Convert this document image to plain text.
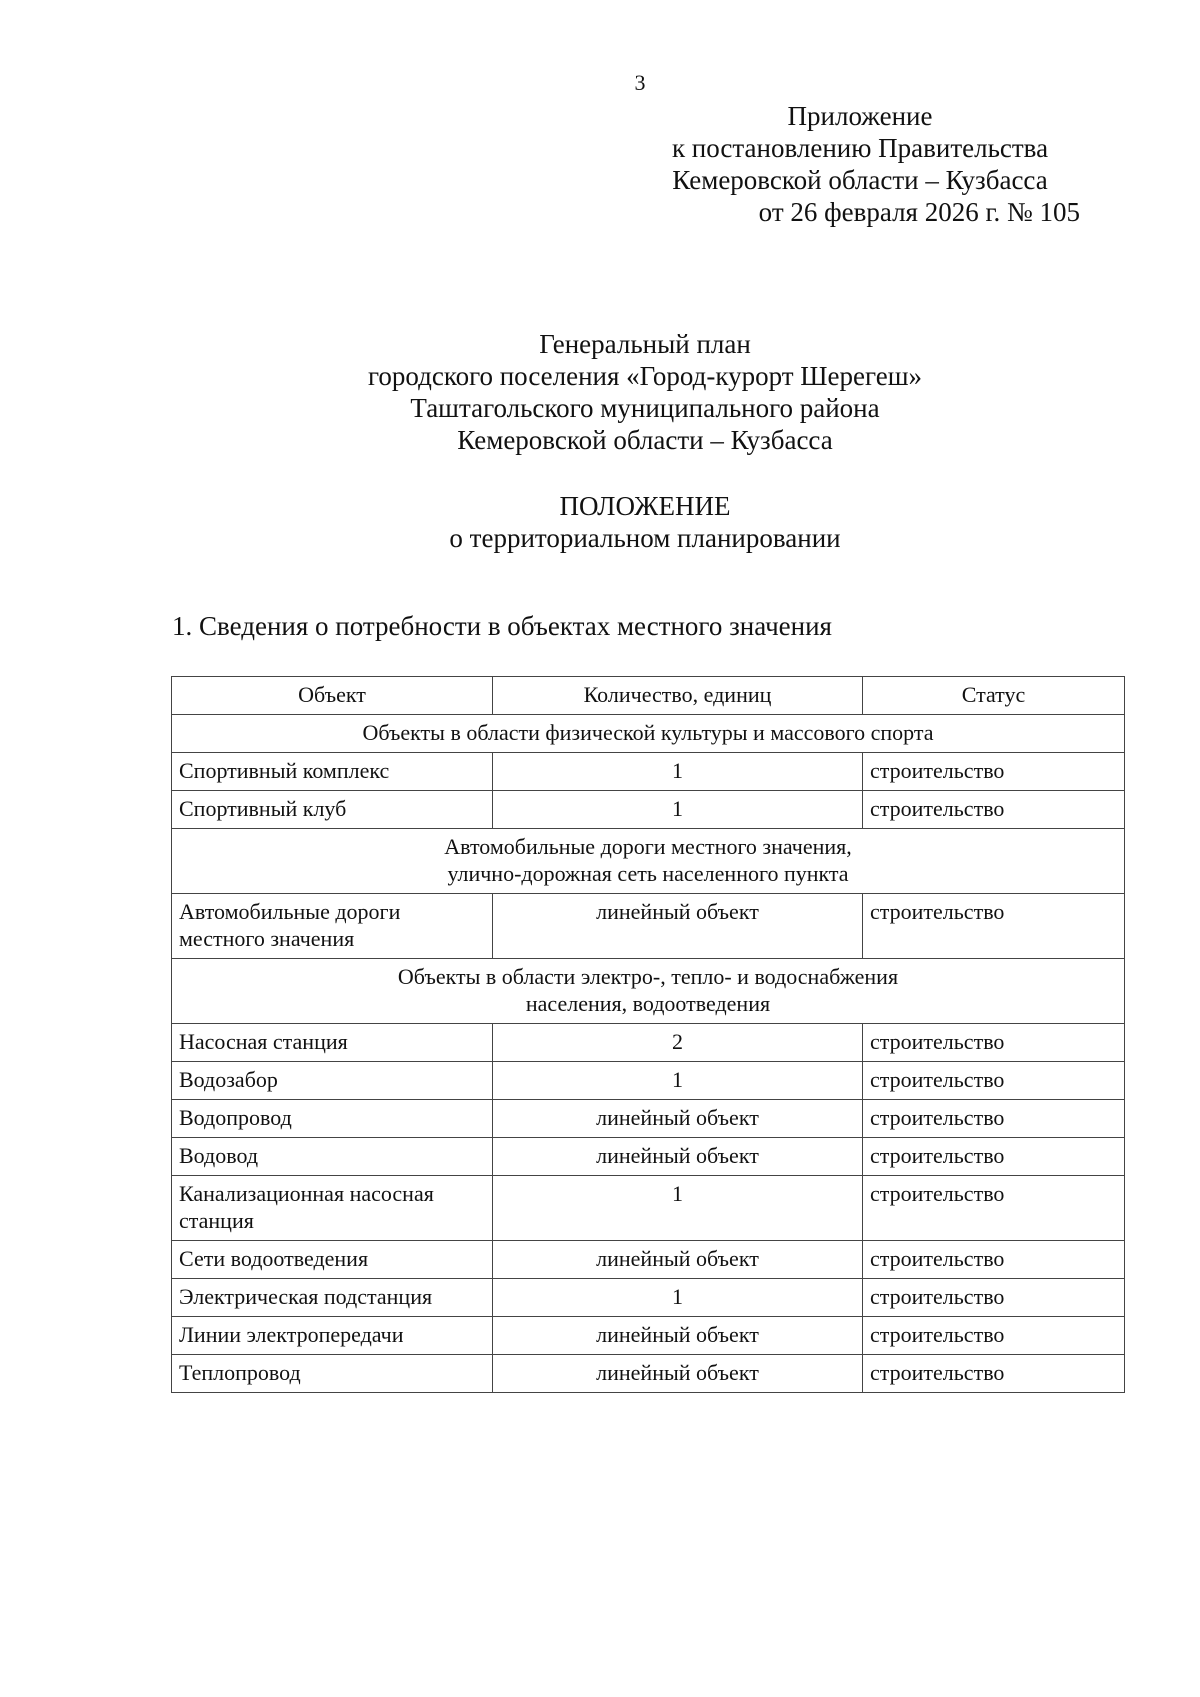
3
Приложение
к постановлению Правительства
Кемеровской области – Кузбасса
от 26 февраля 2026 г. № 105
Генеральный план
городского поселения «Город-курорт Шерегеш»
Таштагольского муниципального района
Кемеровской области – Кузбасса
ПОЛОЖЕНИЕ
о территориальном планировании
1. Сведения о потребности в объектах местного значения
Объект	Количество, единиц	Статус
Объекты в области физической культуры и массового спорта		
Спортивный комплекс	1	строительство
Спортивный клуб	1	строительство

Автомобильные дороги местного значения,
улично-дорожная сеть населенного пункта		

Автомобильные дороги
местного значения	линейный объект	строительство

Объекты в области электро-, тепло- и водоснабжения
населения, водоотведения		

Насосная станция	2	строительство
Водозабор	1	строительство
Водопровод	линейный объект	строительство
Водовод	линейный объект	строительство

Канализационная насосная
станция	1	строительство
Сети водоотведения	линейный объект	строительство
Электрическая подстанция	1	строительство
Линии электропередачи	линейный объект	строительство
Теплопровод	линейный объект	строительство
